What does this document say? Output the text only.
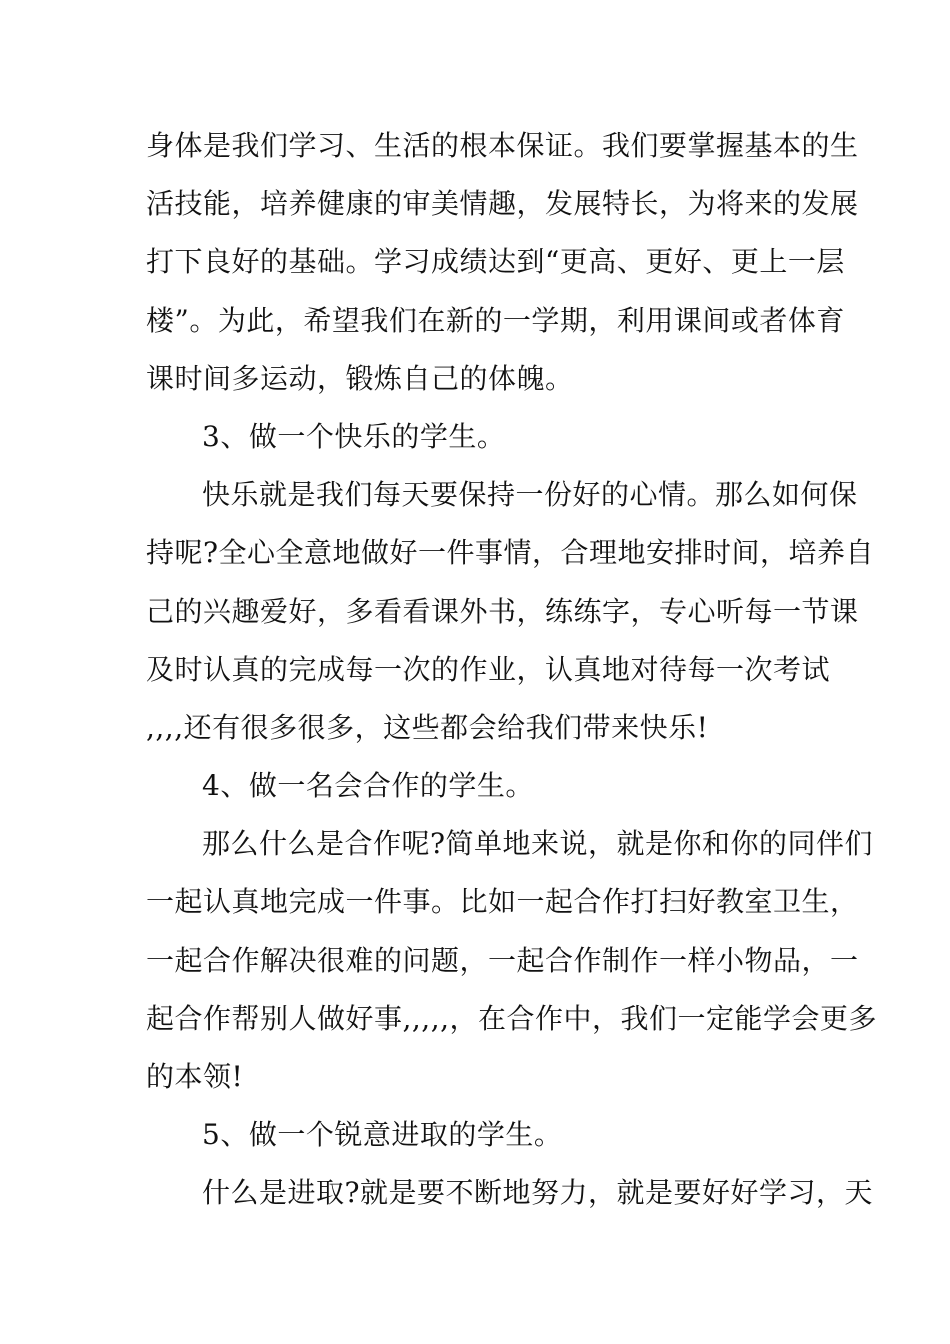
身体是我们学习、生活的根本保证。我们要掌握基本的生
活技能，培养健康的审美情趣，发展特长，为将来的发展
打下良好的基础。学习成绩达到“更高、更好、更上一层
楼”。为此，希望我们在新的一学期，利用课间或者体育
课时间多运动，锻炼自己的体魄。
3、做一个快乐的学生。
快乐就是我们每天要保持一份好的心情。那么如何保
持呢?全心全意地做好一件事情，合理地安排时间，培养自
己的兴趣爱好，多看看课外书，练练字，专心听每一节课
及时认真的完成每一次的作业，认真地对待每一次考试
,,,,还有很多很多，这些都会给我们带来快乐!
4、做一名会合作的学生。
那么什么是合作呢?简单地来说，就是你和你的同伴们
一起认真地完成一件事。比如一起合作打扫好教室卫生，
一起合作解决很难的问题，一起合作制作一样小物品，一
起合作帮别人做好事,,,,,，在合作中，我们一定能学会更多
的本领!
5、做一个锐意进取的学生。
什么是进取?就是要不断地努力，就是要好好学习，天
